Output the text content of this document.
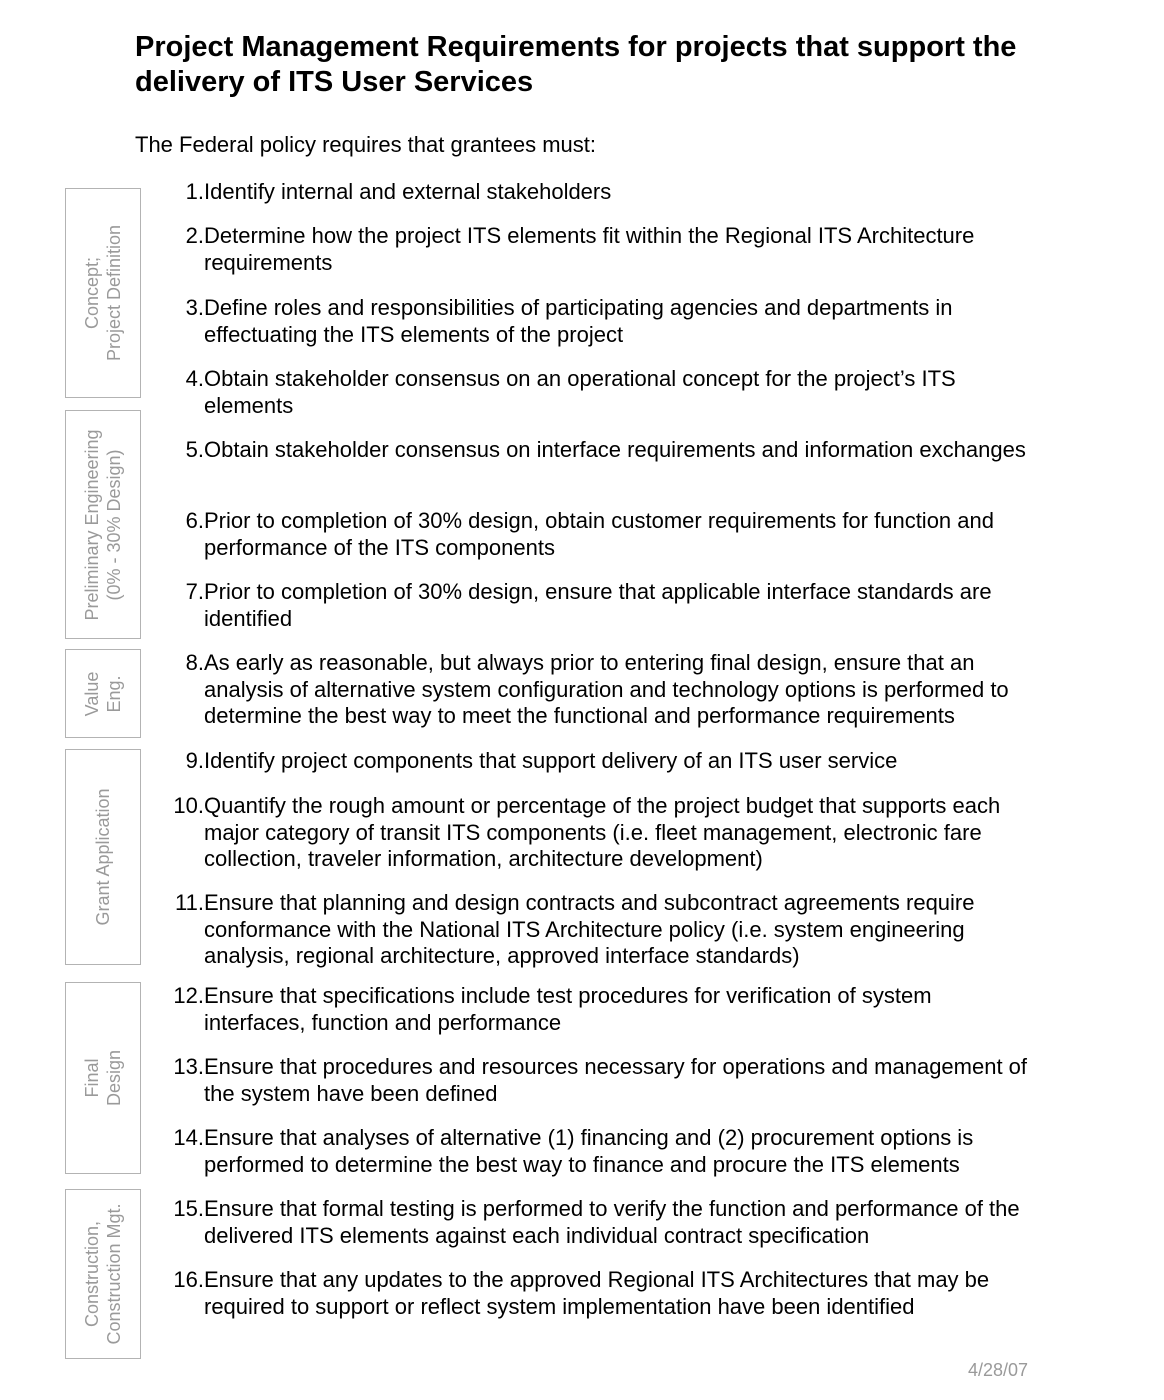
Project Management Requirements for projects that support the delivery of ITS User Services

The Federal policy requires that grantees must:

Concept;
Project Definition
Preliminary Engineering
(0% - 30% Design)
Value
Eng.
Grant Application
Final
Design
Construction,
Construction Mgt.
1. Identify internal and external stakeholders
2. Determine how the project ITS elements fit within the Regional ITS Architecture requirements
3. Define roles and responsibilities of participating agencies and departments in effectuating the ITS elements of the project
4. Obtain stakeholder consensus on an operational concept for the project’s ITS elements
5. Obtain stakeholder consensus on interface requirements and information exchanges
6. Prior to completion of 30% design, obtain customer requirements for function and performance of the ITS components
7. Prior to completion of 30% design, ensure that applicable interface standards are identified
8. As early as reasonable, but always prior to entering final design, ensure that an analysis of alternative system configuration and technology options is performed to determine the best way to meet the functional and performance requirements
9. Identify project components that support delivery of an ITS user service
10. Quantify the rough amount or percentage of the project budget that supports each major category of transit ITS components (i.e. fleet management, electronic fare collection, traveler information, architecture development)
11. Ensure that planning and design contracts and subcontract agreements require conformance with the National ITS Architecture policy (i.e. system engineering analysis, regional architecture, approved interface standards)
12. Ensure that specifications include test procedures for verification of system interfaces, function and performance
13. Ensure that procedures and resources necessary for operations and management of the system have been defined
14. Ensure that analyses of alternative (1) financing and (2) procurement options is performed to determine the best way to finance and procure the ITS elements
15. Ensure that formal testing is performed to verify the function and performance of the delivered ITS elements against each individual contract specification
16. Ensure that any updates to the approved Regional ITS Architectures that may be required to support or reflect system implementation have been identified
4/28/07
